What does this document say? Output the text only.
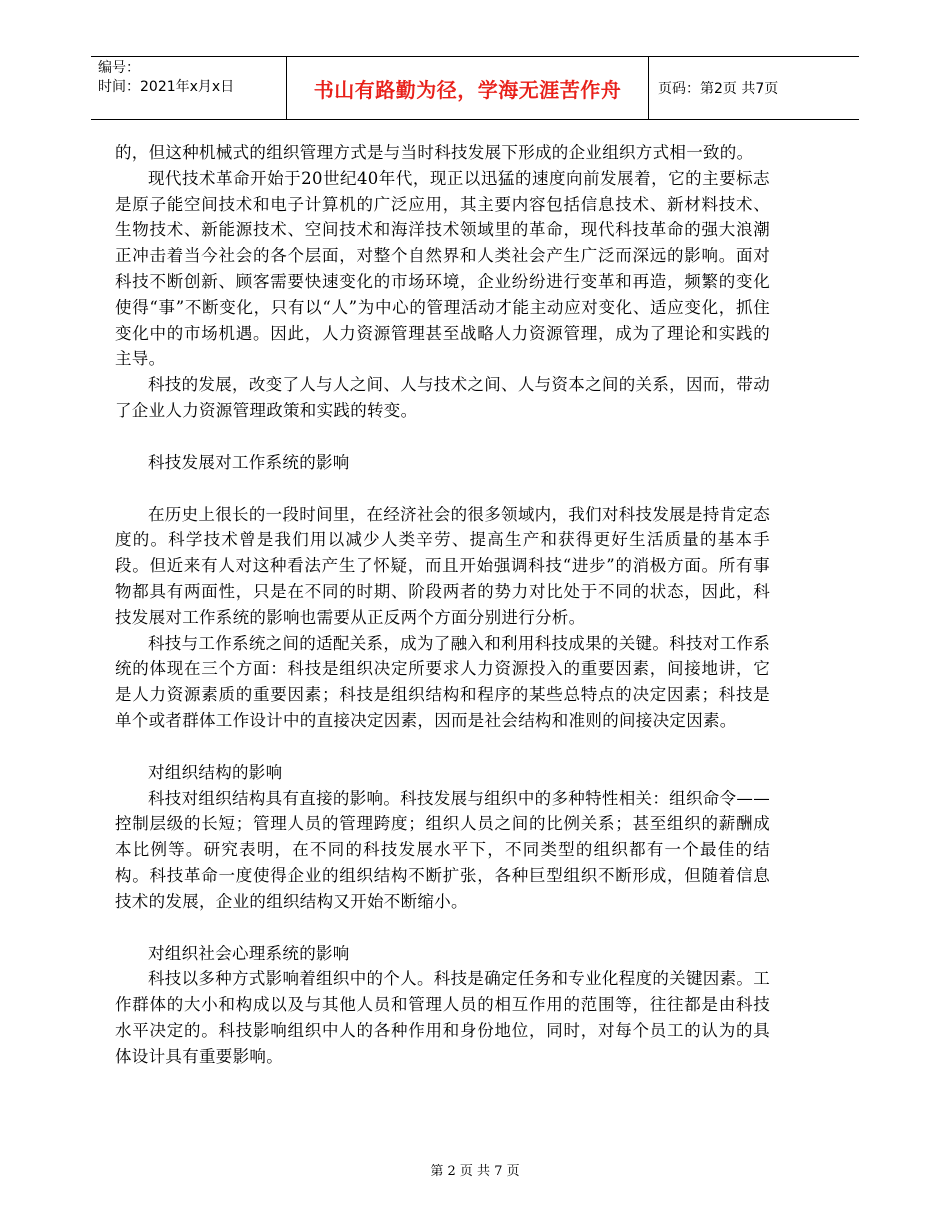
编号：
时间：2021年x月x日	书山有路勤为径，学海无涯苦作舟	页码：第2页 共7页

的，但这种机械式的组织管理方式是与当时科技发展下形成的企业组织方式相一致的。

现代技术革命开始于20世纪40年代，现正以迅猛的速度向前发展着，它的主要标志是原子能空间技术和电子计算机的广泛应用，其主要内容包括信息技术、新材料技术、生物技术、新能源技术、空间技术和海洋技术领域里的革命，现代科技革命的强大浪潮正冲击着当今社会的各个层面，对整个自然界和人类社会产生广泛而深远的影响。面对科技不断创新、顾客需要快速变化的市场环境，企业纷纷进行变革和再造，频繁的变化使得“事”不断变化，只有以“人”为中心的管理活动才能主动应对变化、适应变化，抓住变化中的市场机遇。因此，人力资源管理甚至战略人力资源管理，成为了理论和实践的主导。

科技的发展，改变了人与人之间、人与技术之间、人与资本之间的关系，因而，带动了企业人力资源管理政策和实践的转变。

科技发展对工作系统的影响

在历史上很长的一段时间里，在经济社会的很多领域内，我们对科技发展是持肯定态度的。科学技术曾是我们用以减少人类辛劳、提高生产和获得更好生活质量的基本手段。但近来有人对这种看法产生了怀疑，而且开始强调科技“进步”的消极方面。所有事物都具有两面性，只是在不同的时期、阶段两者的势力对比处于不同的状态，因此，科技发展对工作系统的影响也需要从正反两个方面分别进行分析。

科技与工作系统之间的适配关系，成为了融入和利用科技成果的关键。科技对工作系统的体现在三个方面：科技是组织决定所要求人力资源投入的重要因素，间接地讲，它是人力资源素质的重要因素；科技是组织结构和程序的某些总特点的决定因素；科技是单个或者群体工作设计中的直接决定因素，因而是社会结构和准则的间接决定因素。

对组织结构的影响

科技对组织结构具有直接的影响。科技发展与组织中的多种特性相关：组织命令——控制层级的长短；管理人员的管理跨度；组织人员之间的比例关系；甚至组织的薪酬成本比例等。研究表明，在不同的科技发展水平下，不同类型的组织都有一个最佳的结构。科技革命一度使得企业的组织结构不断扩张，各种巨型组织不断形成，但随着信息技术的发展，企业的组织结构又开始不断缩小。

对组织社会心理系统的影响

科技以多种方式影响着组织中的个人。科技是确定任务和专业化程度的关键因素。工作群体的大小和构成以及与其他人员和管理人员的相互作用的范围等，往往都是由科技水平决定的。科技影响组织中人的各种作用和身份地位，同时，对每个员工的认为的具体设计具有重要影响。

第 2 页 共 7 页
